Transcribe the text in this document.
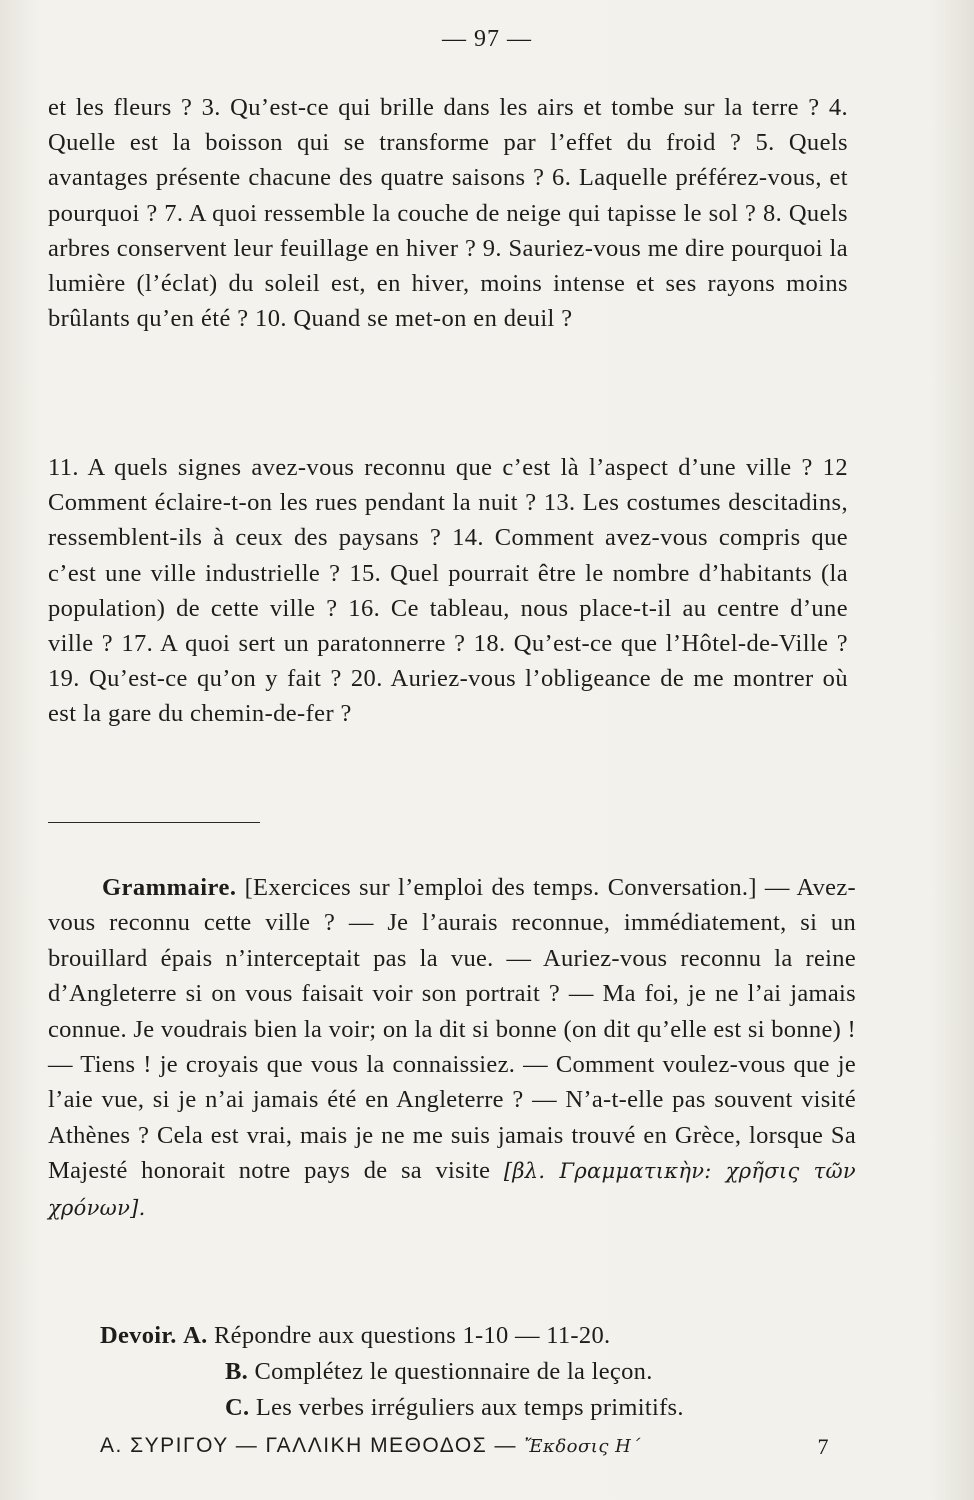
— 97 —

et les fleurs ? 3. Qu’est-ce qui brille dans les airs et tombe sur la terre ? 4. Quelle est la boisson qui se transforme par l’effet du froid ? 5. Quels avantages présente chacune des quatre saisons ? 6. Laquelle préférez-vous, et pourquoi ? 7. A quoi ressemble la couche de neige qui tapisse le sol ? 8. Quels arbres conservent leur feuillage en hiver ? 9. Sauriez-vous me dire pourquoi la lumière (l’éclat) du soleil est, en hiver, moins intense et ses rayons moins brûlants qu’en été ? 10. Quand se met-on en deuil ?

11. A quels signes avez-vous reconnu que c’est là l’aspect d’une ville ? 12 Comment éclaire-t-on les rues pendant la nuit ? 13. Les costumes descitadins, ressemblent-ils à ceux des paysans ? 14. Comment avez-vous compris que c’est une ville industrielle ? 15. Quel pourrait être le nombre d’habitants (la population) de cette ville ? 16. Ce tableau, nous place-t-il au centre d’une ville ? 17. A quoi sert un paratonnerre ? 18. Qu’est-ce que l’Hôtel-de-Ville ? 19. Qu’est-ce qu’on y fait ? 20. Auriez-vous l’obligeance de me montrer où est la gare du chemin-de-fer ?

Grammaire. [Exercices sur l’emploi des temps. Conversation.] — Avez-vous reconnu cette ville ? — Je l’aurais reconnue, immédiatement, si un brouillard épais n’interceptait pas la vue. — Auriez-vous reconnu la reine d’Angleterre si on vous faisait voir son portrait ? — Ma foi, je ne l’ai jamais connue. Je voudrais bien la voir; on la dit si bonne (on dit qu’elle est si bonne) ! — Tiens ! je croyais que vous la connaissiez. — Comment voulez-vous que je l’aie vue, si je n’ai jamais été en Angleterre ? — N’a-t-elle pas souvent visité Athènes ? Cela est vrai, mais je ne me suis jamais trouvé en Grèce, lorsque Sa Majesté honorait notre pays de sa visite [βλ. Γραμματικὴν: χρῆσις τῶν χρόνων].
Devoir. A. Répondre aux questions 1-10 — 11-20.
B. Complétez le questionnaire de la leçon.
C. Les verbes irréguliers aux temps primitifs.
Α. ΣΥΡΙΓΟΥ — ΓΑΛΛΙΚΗ ΜΕΘΟΔΟΣ — Ἔκδοσις Η΄	7
